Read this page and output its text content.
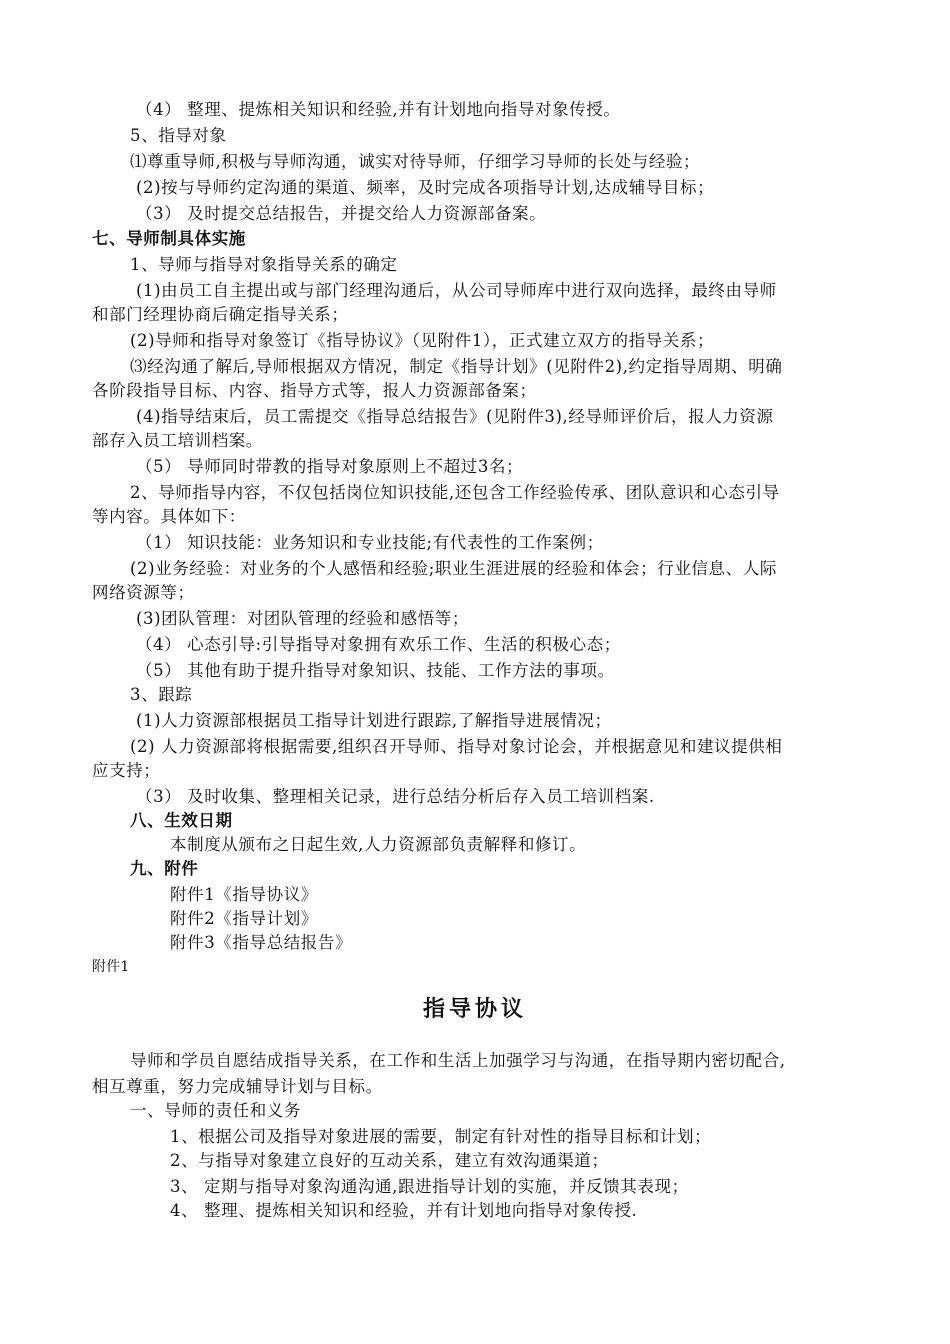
（4） 整理、提炼相关知识和经验,并有计划地向指导对象传授。
5、指导对象
⑴尊重导师,积极与导师沟通，诚实对待导师，仔细学习导师的长处与经验；
(2)按与导师约定沟通的渠道、频率，及时完成各项指导计划,达成辅导目标；
（3） 及时提交总结报告，并提交给人力资源部备案。
七、导师制具体实施
1、导师与指导对象指导关系的确定
(1)由员工自主提出或与部门经理沟通后，从公司导师库中进行双向选择，最终由导师
和部门经理协商后确定指导关系；
(2)导师和指导对象签订《指导协议》（见附件1），正式建立双方的指导关系；
⑶经沟通了解后,导师根据双方情况，制定《指导计划》(见附件2),约定指导周期、明确
各阶段指导目标、内容、指导方式等，报人力资源部备案；
(4)指导结束后，员工需提交《指导总结报告》(见附件3),经导师评价后，报人力资源
部存入员工培训档案。
（5） 导师同时带教的指导对象原则上不超过3名；
2、导师指导内容，不仅包括岗位知识技能,还包含工作经验传承、团队意识和心态引导
等内容。具体如下：
（1） 知识技能：业务知识和专业技能;有代表性的工作案例；
(2)业务经验：对业务的个人感悟和经验;职业生涯进展的经验和体会；行业信息、人际
网络资源等；
(3)团队管理：对团队管理的经验和感悟等；
（4） 心态引导:引导指导对象拥有欢乐工作、生活的积极心态；
（5） 其他有助于提升指导对象知识、技能、工作方法的事项。
3、跟踪
(1)人力资源部根据员工指导计划进行跟踪,了解指导进展情况；
(2) 人力资源部将根据需要,组织召开导师、指导对象讨论会，并根据意见和建议提供相
应支持；
（3） 及时收集、整理相关记录，进行总结分析后存入员工培训档案.
八、生效日期
本制度从颁布之日起生效,人力资源部负责解释和修订。
九、附件
附件1《指导协议》
附件2《指导计划》
附件3《指导总结报告》
附件1
指导协议
导师和学员自愿结成指导关系，在工作和生活上加强学习与沟通，在指导期内密切配合,
相互尊重，努力完成辅导计划与目标。
一、导师的责任和义务
1、根据公司及指导对象进展的需要，制定有针对性的指导目标和计划；
2、与指导对象建立良好的互动关系，建立有效沟通渠道；
3、 定期与指导对象沟通沟通,跟进指导计划的实施，并反馈其表现；
4、 整理、提炼相关知识和经验，并有计划地向指导对象传授.
